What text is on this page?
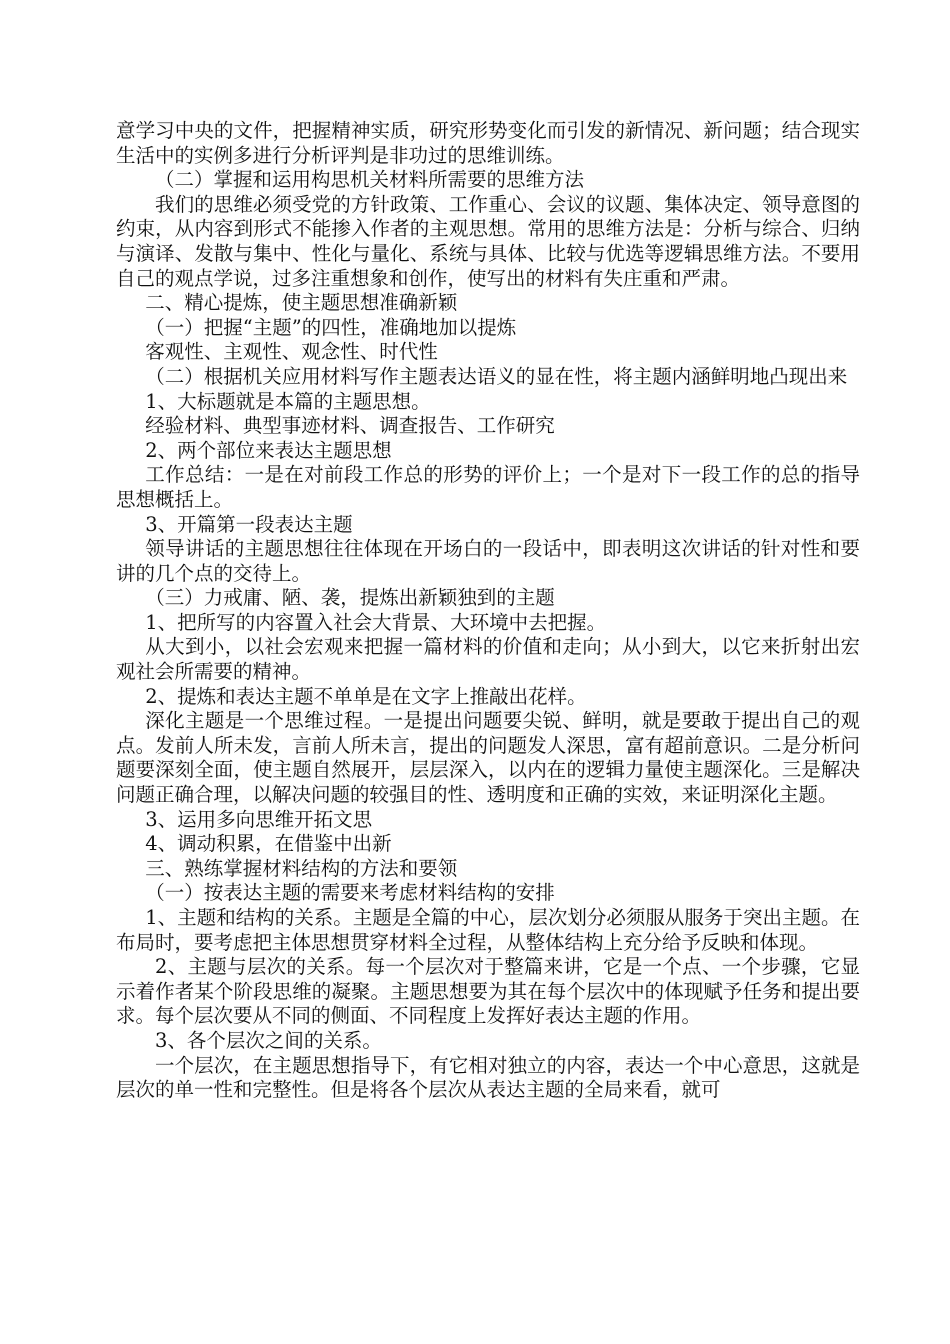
意学习中央的文件，把握精神实质，研究形势变化而引发的新情况、新问题；结合现实生活中的实例多进行分析评判是非功过的思维训练。

（二）掌握和运用构思机关材料所需要的思维方法

我们的思维必须受党的方针政策、工作重心、会议的议题、集体决定、领导意图的约束，从内容到形式不能掺入作者的主观思想。常用的思维方法是：分析与综合、归纳与演译、发散与集中、性化与量化、系统与具体、比较与优选等逻辑思维方法。不要用自己的观点学说，过多注重想象和创作，使写出的材料有失庄重和严肃。

二、精心提炼，使主题思想准确新颖

（一）把握“主题”的四性，准确地加以提炼

客观性、主观性、观念性、时代性

（二）根据机关应用材料写作主题表达语义的显在性，将主题内涵鲜明地凸现出来

1、大标题就是本篇的主题思想。

经验材料、典型事迹材料、调查报告、工作研究

2、两个部位来表达主题思想

工作总结：一是在对前段工作总的形势的评价上；一个是对下一段工作的总的指导思想概括上。

3、开篇第一段表达主题

领导讲话的主题思想往往体现在开场白的一段话中，即表明这次讲话的针对性和要讲的几个点的交待上。

（三）力戒庸、陋、袭，提炼出新颖独到的主题

1、把所写的内容置入社会大背景、大环境中去把握。

从大到小，以社会宏观来把握一篇材料的价值和走向；从小到大，以它来折射出宏观社会所需要的精神。

2、提炼和表达主题不单单是在文字上推敲出花样。

深化主题是一个思维过程。一是提出问题要尖锐、鲜明，就是要敢于提出自己的观点。发前人所未发，言前人所未言，提出的问题发人深思，富有超前意识。二是分析问题要深刻全面，使主题自然展开，层层深入，以内在的逻辑力量使主题深化。三是解决问题正确合理，以解决问题的较强目的性、透明度和正确的实效，来证明深化主题。

3、运用多向思维开拓文思

4、调动积累，在借鉴中出新

三、熟练掌握材料结构的方法和要领

（一）按表达主题的需要来考虑材料结构的安排

1、主题和结构的关系。主题是全篇的中心，层次划分必须服从服务于突出主题。在布局时，要考虑把主体思想贯穿材料全过程，从整体结构上充分给予反映和体现。

2、主题与层次的关系。每一个层次对于整篇来讲，它是一个点、一个步骤，它显示着作者某个阶段思维的凝聚。主题思想要为其在每个层次中的体现赋予任务和提出要求。每个层次要从不同的侧面、不同程度上发挥好表达主题的作用。

3、各个层次之间的关系。

一个层次，在主题思想指导下，有它相对独立的内容，表达一个中心意思，这就是层次的单一性和完整性。但是将各个层次从表达主题的全局来看，就可
